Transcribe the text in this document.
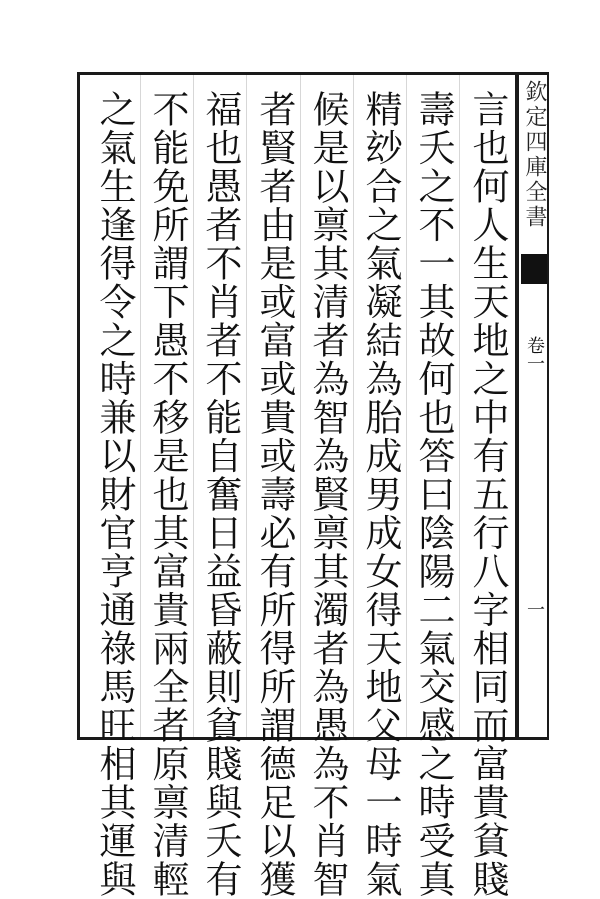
欽定四庫全書
卷一
一
言也何人生天地之中有五行八字相同而富貴貧賤
壽夭之不一其故何也答曰陰陽二氣交感之時受真
精玅合之氣凝結為胎成男成女得天地父母一時氣
候是以禀其清者為智為賢禀其濁者為愚為不肖智
者賢者由是或富或貴或壽必有所得所謂德足以獲
福也愚者不肖者不能自奮日益昏蔽則貧賤與夭有
不能免所謂下愚不移是也其富貴兩全者原禀清輕
之氣生逢得令之時兼以財官亨通祿馬旺相其運與
